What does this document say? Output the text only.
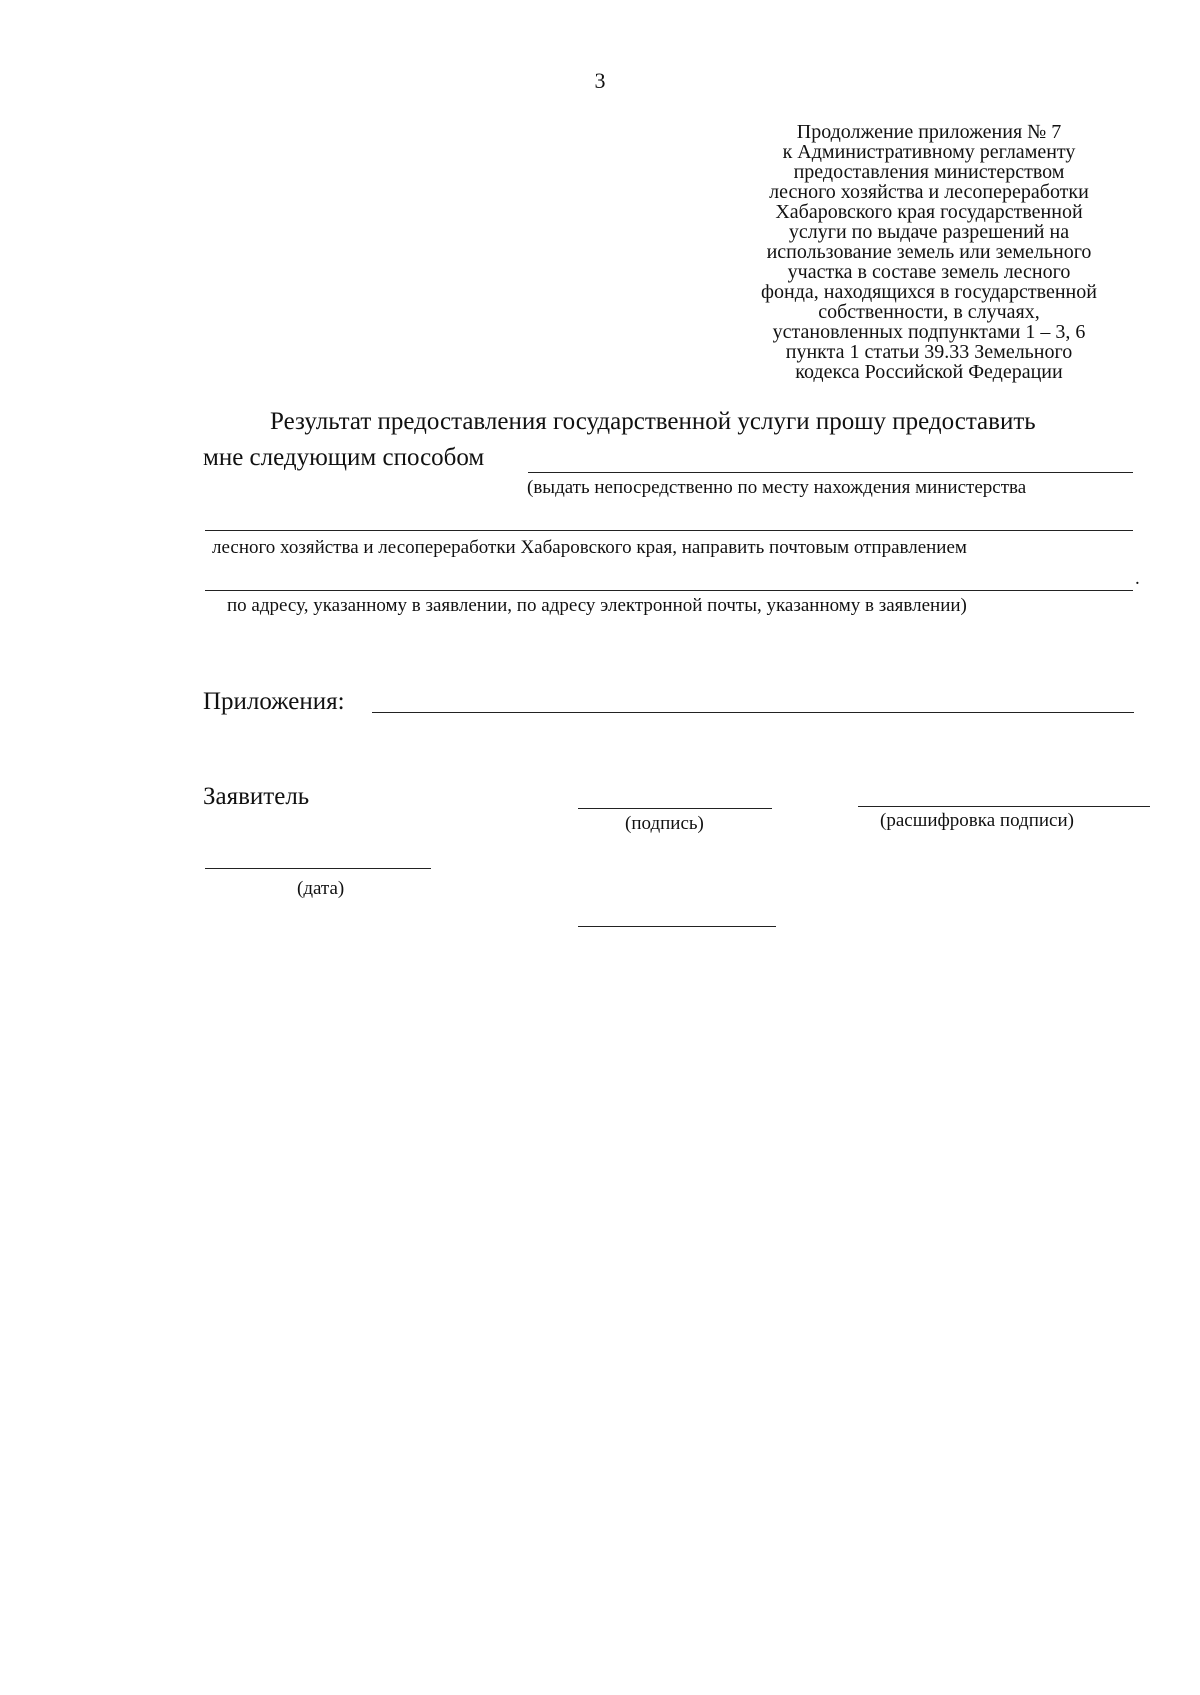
3
Продолжение приложения № 7
к Административному регламенту
предоставления министерством
лесного хозяйства и лесопереработки
Хабаровского края государственной
услуги по выдаче разрешений на
использование земель или земельного
участка в составе земель лесного
фонда, находящихся в государственной
собственности, в случаях,
установленных подпунктами 1 – 3, 6
пункта 1 статьи 39.33 Земельного
кодекса Российской Федерации
Результат предоставления государственной услуги прошу предоставить
мне следующим способом
(выдать непосредственно по месту нахождения министерства
лесного хозяйства и лесопереработки Хабаровского края, направить почтовым отправлением
.
по адресу, указанному в заявлении, по адресу электронной почты, указанному в заявлении)
Приложения:
Заявитель
(подпись)	(расшифровка подписи)
(дата)
